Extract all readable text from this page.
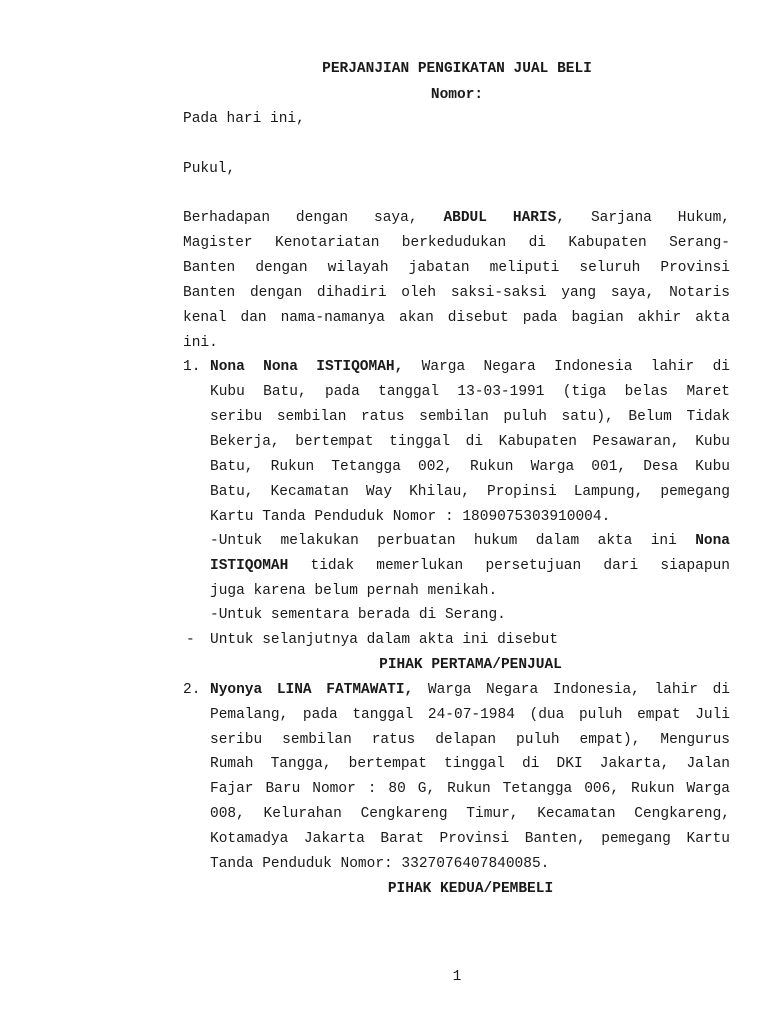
PERJANJIAN PENGIKATAN JUAL BELI
Nomor:
Pada hari ini,
Pukul,
Berhadapan dengan saya, ABDUL HARIS, Sarjana Hukum,
Magister Kenotariatan berkedudukan di Kabupaten Serang-
Banten dengan wilayah jabatan meliputi seluruh Provinsi
Banten dengan dihadiri oleh saksi-saksi yang saya, Notaris
kenal dan nama-namanya akan disebut pada bagian akhir akta
ini.
1. Nona Nona ISTIQOMAH, Warga Negara Indonesia lahir di
Kubu Batu, pada tanggal 13-03-1991 (tiga belas Maret
seribu sembilan ratus sembilan puluh satu), Belum Tidak
Bekerja, bertempat tinggal di Kabupaten Pesawaran, Kubu
Batu, Rukun Tetangga 002, Rukun Warga 001, Desa Kubu
Batu, Kecamatan Way Khilau, Propinsi Lampung, pemegang
Kartu Tanda Penduduk Nomor : 1809075303910004.
-Untuk melakukan perbuatan hukum dalam akta ini Nona
ISTIQOMAH tidak memerlukan persetujuan dari siapapun
juga karena belum pernah menikah.
-Untuk sementara berada di Serang.
- Untuk selanjutnya dalam akta ini disebut
PIHAK PERTAMA/PENJUAL
2. Nyonya LINA FATMAWATI, Warga Negara Indonesia, lahir di
Pemalang, pada tanggal 24-07-1984 (dua puluh empat Juli
seribu sembilan ratus delapan puluh empat), Mengurus
Rumah Tangga, bertempat tinggal di DKI Jakarta, Jalan
Fajar Baru Nomor : 80 G, Rukun Tetangga 006, Rukun Warga
008, Kelurahan Cengkareng Timur, Kecamatan Cengkareng,
Kotamadya Jakarta Barat Provinsi Banten, pemegang Kartu
Tanda Penduduk Nomor: 3327076407840085.
PIHAK KEDUA/PEMBELI
1
